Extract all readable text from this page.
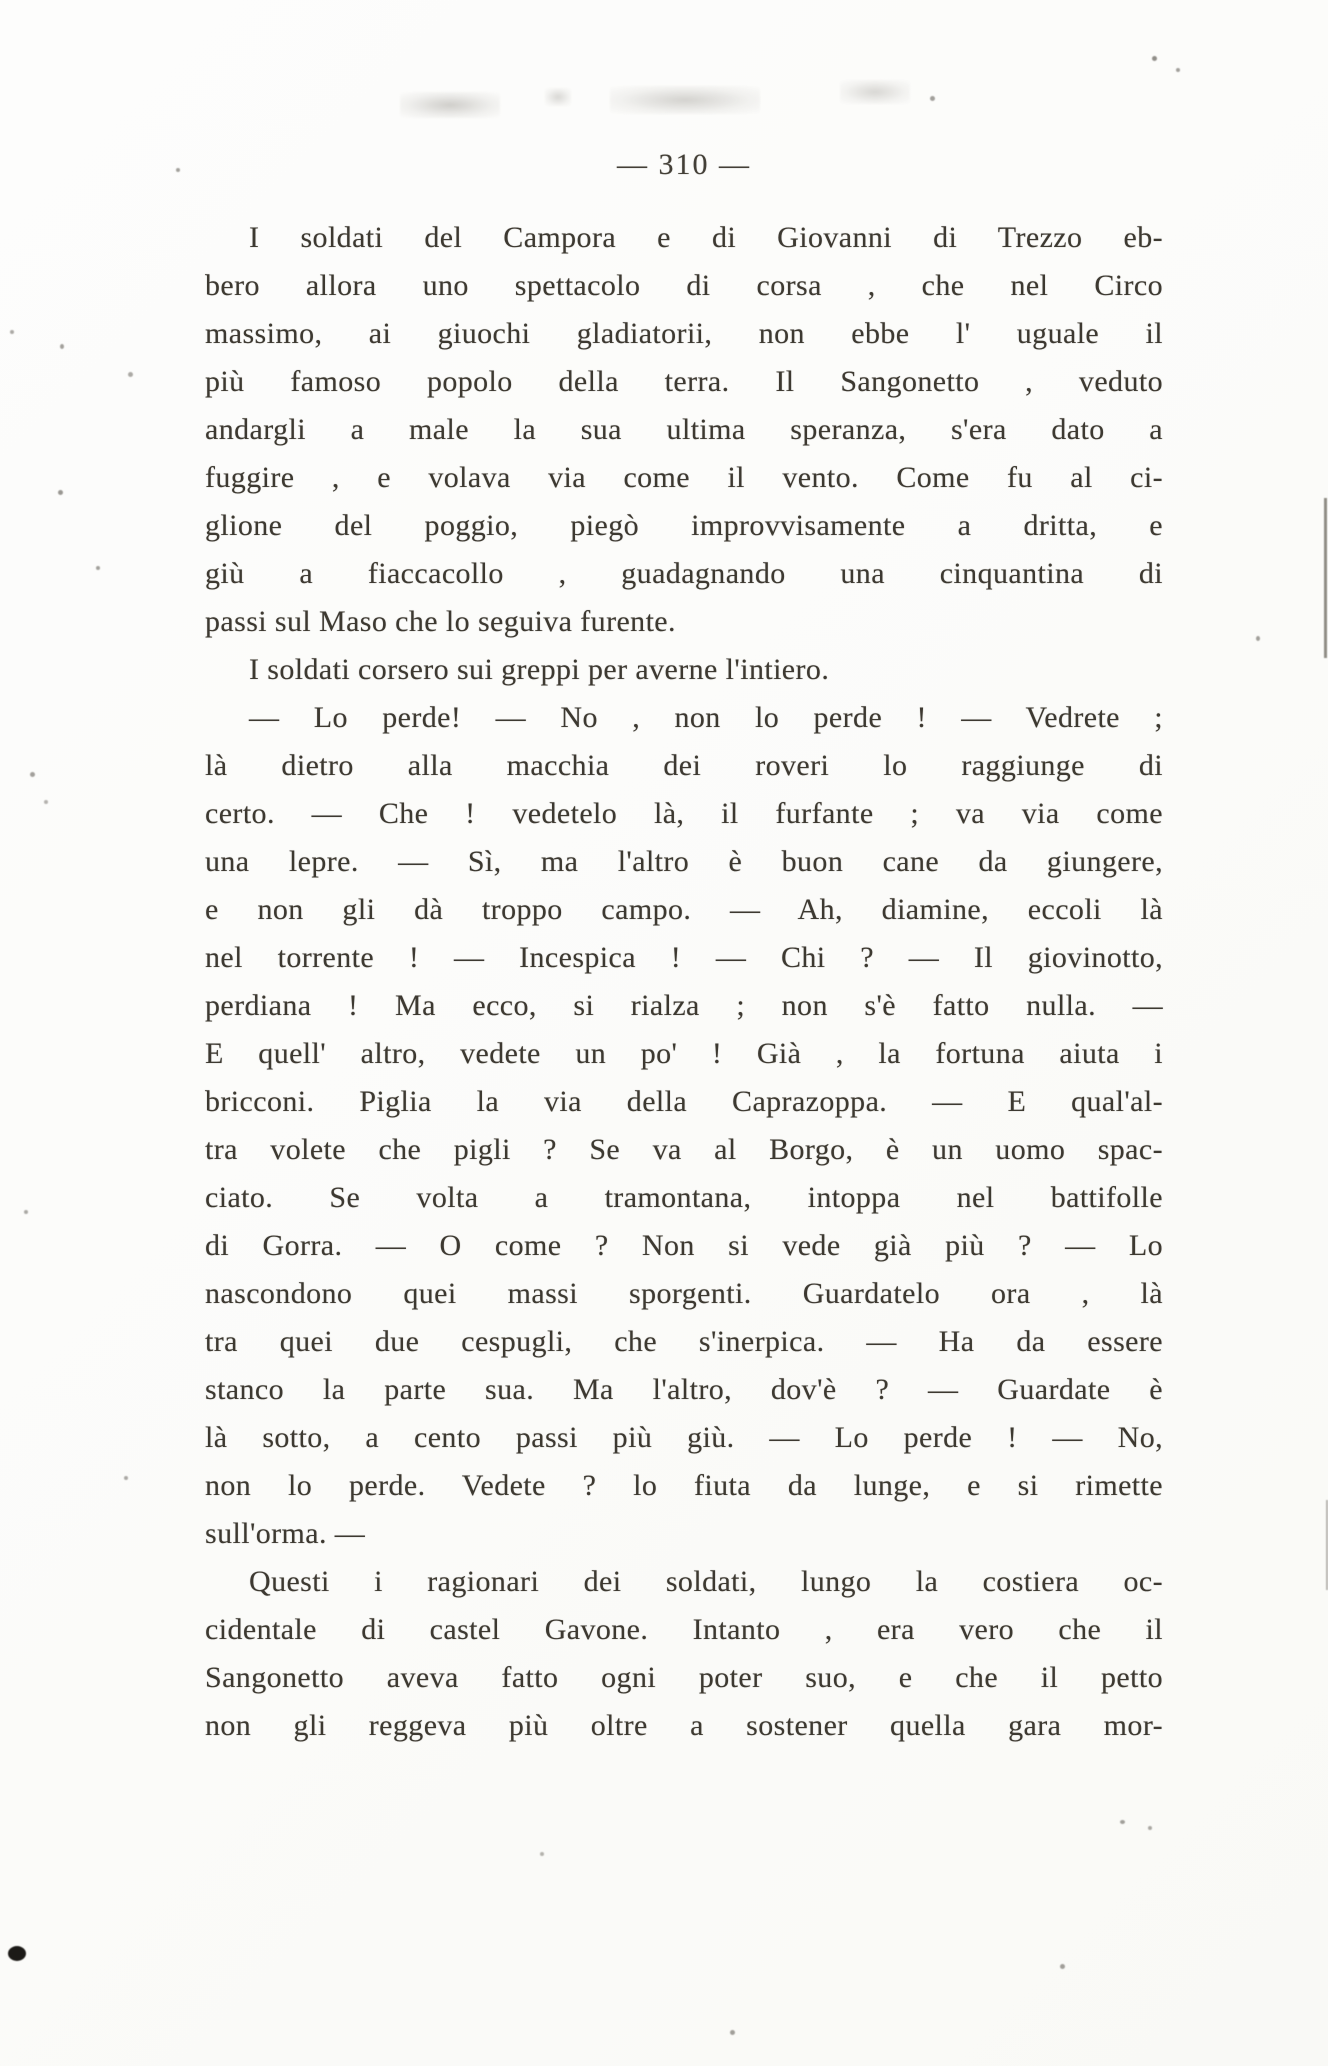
— 310 —

I soldati del Campora e di Giovanni di Trezzo eb-
bero allora uno spettacolo di corsa , che nel Circo
massimo, ai giuochi gladiatorii, non ebbe l' uguale il
più famoso popolo della terra. Il Sangonetto , veduto
andargli a male la sua ultima speranza, s'era dato a
fuggire , e volava via come il vento. Come fu al ci-
glione del poggio, piegò improvvisamente a dritta, e
giù a fiaccacollo , guadagnando una cinquantina di
passi sul Maso che lo seguiva furente.

I soldati corsero sui greppi per averne l'intiero.

— Lo perde! — No , non lo perde ! — Vedrete ;
là dietro alla macchia dei roveri lo raggiunge di
certo. — Che ! vedetelo là, il furfante ; va via come
una lepre. — Sì, ma l'altro è buon cane da giungere,
e non gli dà troppo campo. — Ah, diamine, eccoli là
nel torrente ! — Incespica ! — Chi ? — Il giovinotto,
perdiana ! Ma ecco, si rialza ; non s'è fatto nulla. —
E quell' altro, vedete un po' ! Già , la fortuna aiuta i
bricconi. Piglia la via della Caprazoppa. — E qual'al-
tra volete che pigli ? Se va al Borgo, è un uomo spac-
ciato. Se volta a tramontana, intoppa nel battifolle
di Gorra. — O come ? Non si vede già più ? — Lo
nascondono quei massi sporgenti. Guardatelo ora , là
tra quei due cespugli, che s'inerpica. — Ha da essere
stanco la parte sua. Ma l'altro, dov'è ? — Guardate è
là sotto, a cento passi più giù. — Lo perde ! — No,
non lo perde. Vedete ? lo fiuta da lunge, e si rimette
sull'orma. —

Questi i ragionari dei soldati, lungo la costiera oc-
cidentale di castel Gavone. Intanto , era vero che il
Sangonetto aveva fatto ogni poter suo, e che il petto
non gli reggeva più oltre a sostener quella gara mor-
